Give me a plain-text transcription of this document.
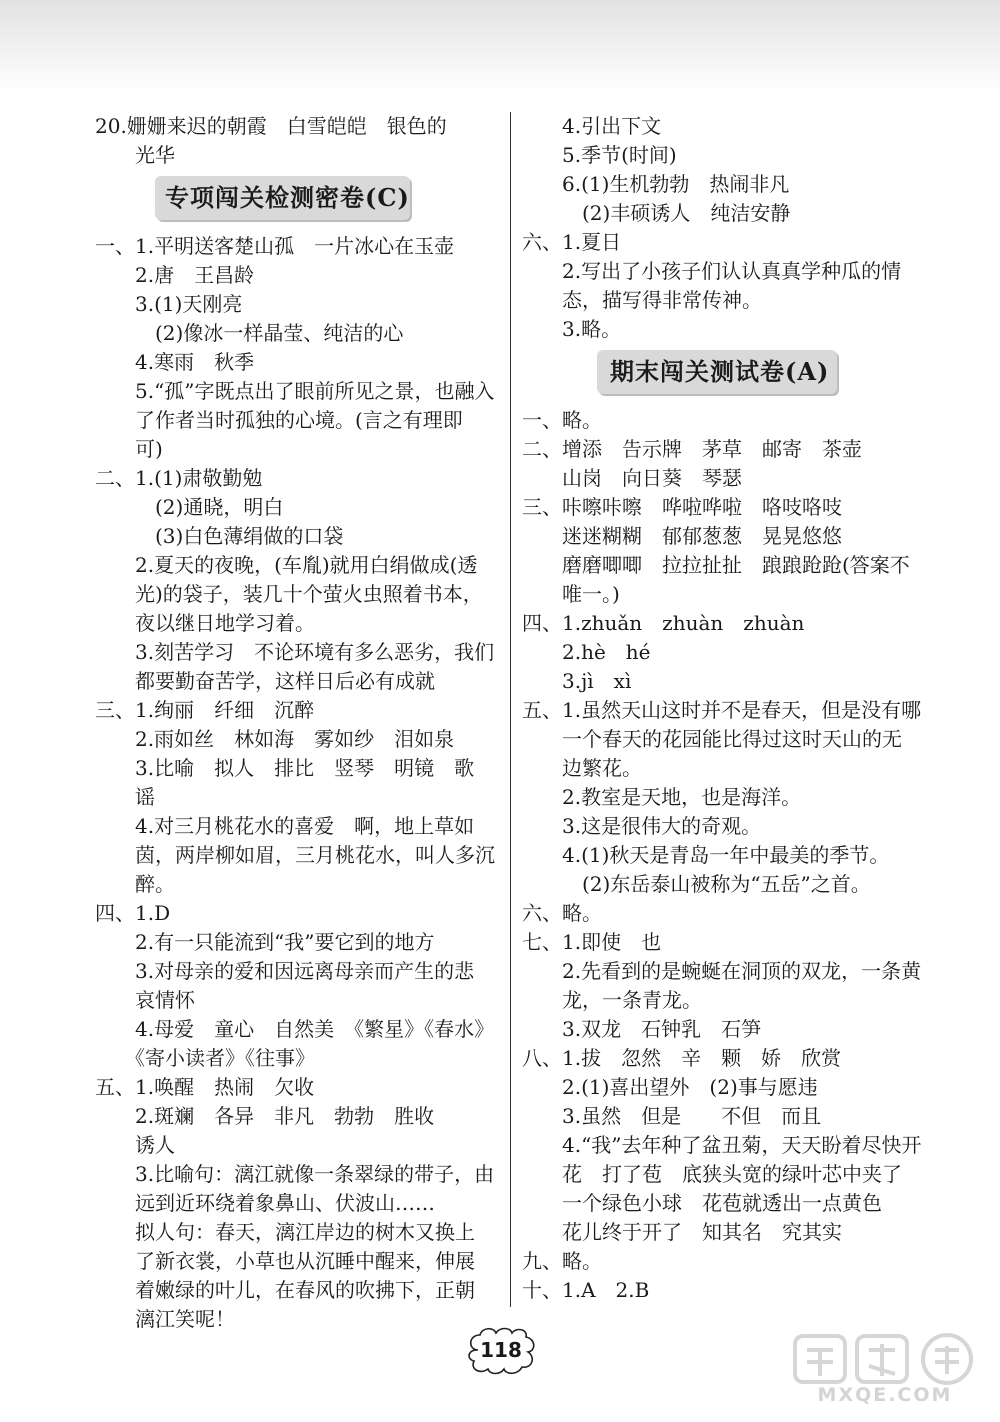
20.姗姗来迟的朝霞　白雪皑皑　银色的
　　光华
专项闯关检测密卷(C)
一、1.平明送客楚山孤　一片冰心在玉壶
　　2.唐　王昌龄
　　3.(1)天刚亮
　　　(2)像冰一样晶莹、纯洁的心
　　4.寒雨　秋季
　　5.“孤”字既点出了眼前所见之景，也融入
　　了作者当时孤独的心境。(言之有理即
　　可)
二、1.(1)肃敬勤勉
　　　(2)通晓，明白
　　　(3)白色薄绢做的口袋
　　2.夏天的夜晚，(车胤)就用白绢做成(透
　　光)的袋子，装几十个萤火虫照着书本，
　　夜以继日地学习着。
　　3.刻苦学习　不论环境有多么恶劣，我们
　　都要勤奋苦学，这样日后必有成就
三、1.绚丽　纤细　沉醉
　　2.雨如丝　林如海　雾如纱　泪如泉
　　3.比喻　拟人　排比　竖琴　明镜　歌
　　谣
　　4.对三月桃花水的喜爱　啊，地上草如
　　茵，两岸柳如眉，三月桃花水，叫人多沉
　　醉。
四、1.D
　　2.有一只能流到“我”要它到的地方
　　3.对母亲的爱和因远离母亲而产生的悲
　　哀情怀
　　4.母爱　童心　自然美　《繁星》《春水》
　　《寄小读者》《往事》
五、1.唤醒　热闹　欠收
　　2.斑斓　各异　非凡　勃勃　胜收
　　诱人
　　3.比喻句：漓江就像一条翠绿的带子，由
　　远到近环绕着象鼻山、伏波山……
　　拟人句：春天，漓江岸边的树木又换上
　　了新衣裳，小草也从沉睡中醒来，伸展
　　着嫩绿的叶儿，在春风的吹拂下，正朝
　　漓江笑呢！
　　4.引出下文
　　5.季节(时间)
　　6.(1)生机勃勃　热闹非凡
　　　(2)丰硕诱人　纯洁安静
六、1.夏日
　　2.写出了小孩子们认认真真学种瓜的情
　　态，描写得非常传神。
　　3.略。
期末闯关测试卷(A)
一、略。
二、增添　告示牌　茅草　邮寄　茶壶
　　山岗　向日葵　琴瑟
三、咔嚓咔嚓　哗啦哗啦　咯吱咯吱
　　迷迷糊糊　郁郁葱葱　晃晃悠悠
　　磨磨唧唧　拉拉扯扯　踉踉跄跄(答案不
　　唯一。)
四、1.zhuǎn　zhuàn　zhuàn
　　2.hè　hé
　　3.jì　xì
五、1.虽然天山这时并不是春天，但是没有哪
　　一个春天的花园能比得过这时天山的无
　　边繁花。
　　2.教室是天地，也是海洋。
　　3.这是很伟大的奇观。
　　4.(1)秋天是青岛一年中最美的季节。
　　　(2)东岳泰山被称为“五岳”之首。
六、略。
七、1.即使　也
　　2.先看到的是蜿蜒在洞顶的双龙，一条黄
　　龙，一条青龙。
　　3.双龙　石钟乳　石笋
八、1.拔　忽然　辛　颗　娇　欣赏
　　2.(1)喜出望外　(2)事与愿违
　　3.虽然　但是　　不但　而且
　　4.“我”去年种了盆丑菊，天天盼着尽快开
　　花　打了苞　底狭头宽的绿叶芯中夹了
　　一个绿色小球　花苞就透出一点黄色
　　花儿终于开了　知其名　究其实
九、略。
十、1.A　2.B
118
MXQE.COM
